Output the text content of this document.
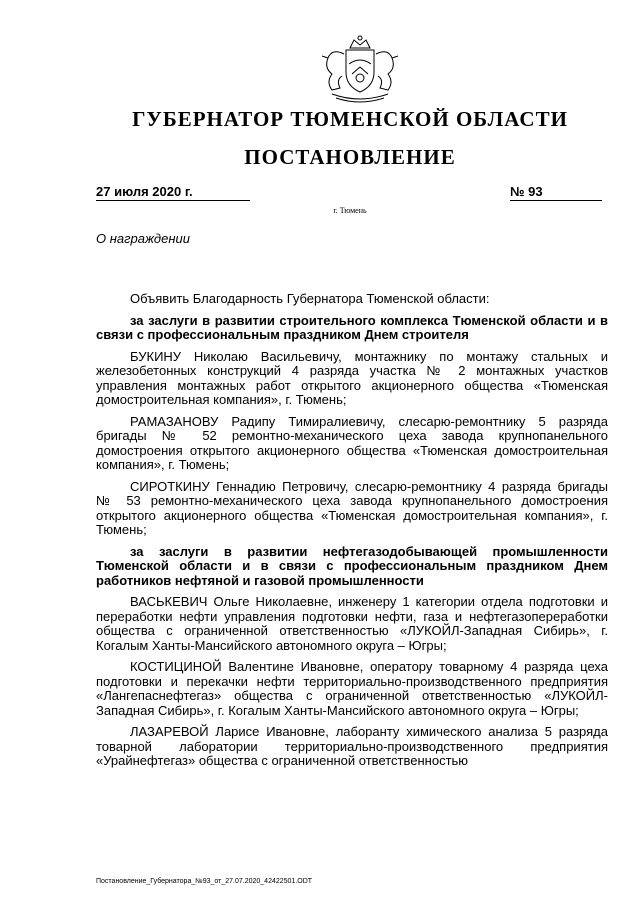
ГУБЕРНАТОР ТЮМЕНСКОЙ ОБЛАСТИ
ПОСТАНОВЛЕНИЕ
27 июля 2020 г.	№ 93
г. Тюмень
О награждении

Объявить Благодарность Губернатора Тюменской области:

за заслуги в развитии строительного комплекса Тюменской области и в связи с профессиональным праздником Днем строителя

БУКИНУ Николаю Васильевичу, монтажнику по монтажу стальных и железобетонных конструкций 4 разряда участка № 2 монтажных участков управления монтажных работ открытого акционерного общества «Тюменская домостроительная компания», г. Тюмень;

РАМАЗАНОВУ Радипу Тимиралиевичу, слесарю-ремонтнику 5 разряда бригады № 52 ремонтно-механического цеха завода крупнопанельного домостроения открытого акционерного общества «Тюменская домостроительная компания», г. Тюмень;

СИРОТКИНУ Геннадию Петровичу, слесарю-ремонтнику 4 разряда бригады № 53 ремонтно-механического цеха завода крупнопанельного домостроения открытого акционерного общества «Тюменская домостроительная компания», г. Тюмень;

за заслуги в развитии нефтегазодобывающей промышленности Тюменской области и в связи с профессиональным праздником Днем работников нефтяной и газовой промышленности

ВАСЬКЕВИЧ Ольге Николаевне, инженеру 1 категории отдела подготовки и переработки нефти управления подготовки нефти, газа и нефтегазопереработки общества с ограниченной ответственностью «ЛУКОЙЛ-Западная Сибирь», г. Когалым Ханты-Мансийского автономного округа – Югры;

КОСТИЦИНОЙ Валентине Ивановне, оператору товарному 4 разряда цеха подготовки и перекачки нефти территориально-производственного предприятия «Лангепаснефтегаз» общества с ограниченной ответственностью «ЛУКОЙЛ-Западная Сибирь», г. Когалым Ханты-Мансийского автономного округа – Югры;

ЛАЗАРЕВОЙ Ларисе Ивановне, лаборанту химического анализа 5 разряда товарной лаборатории территориально-производственного предприятия «Урайнефтегаз» общества с ограниченной ответственностью

Постановление_Губернатора_№93_от_27.07.2020_42422501.ODT
